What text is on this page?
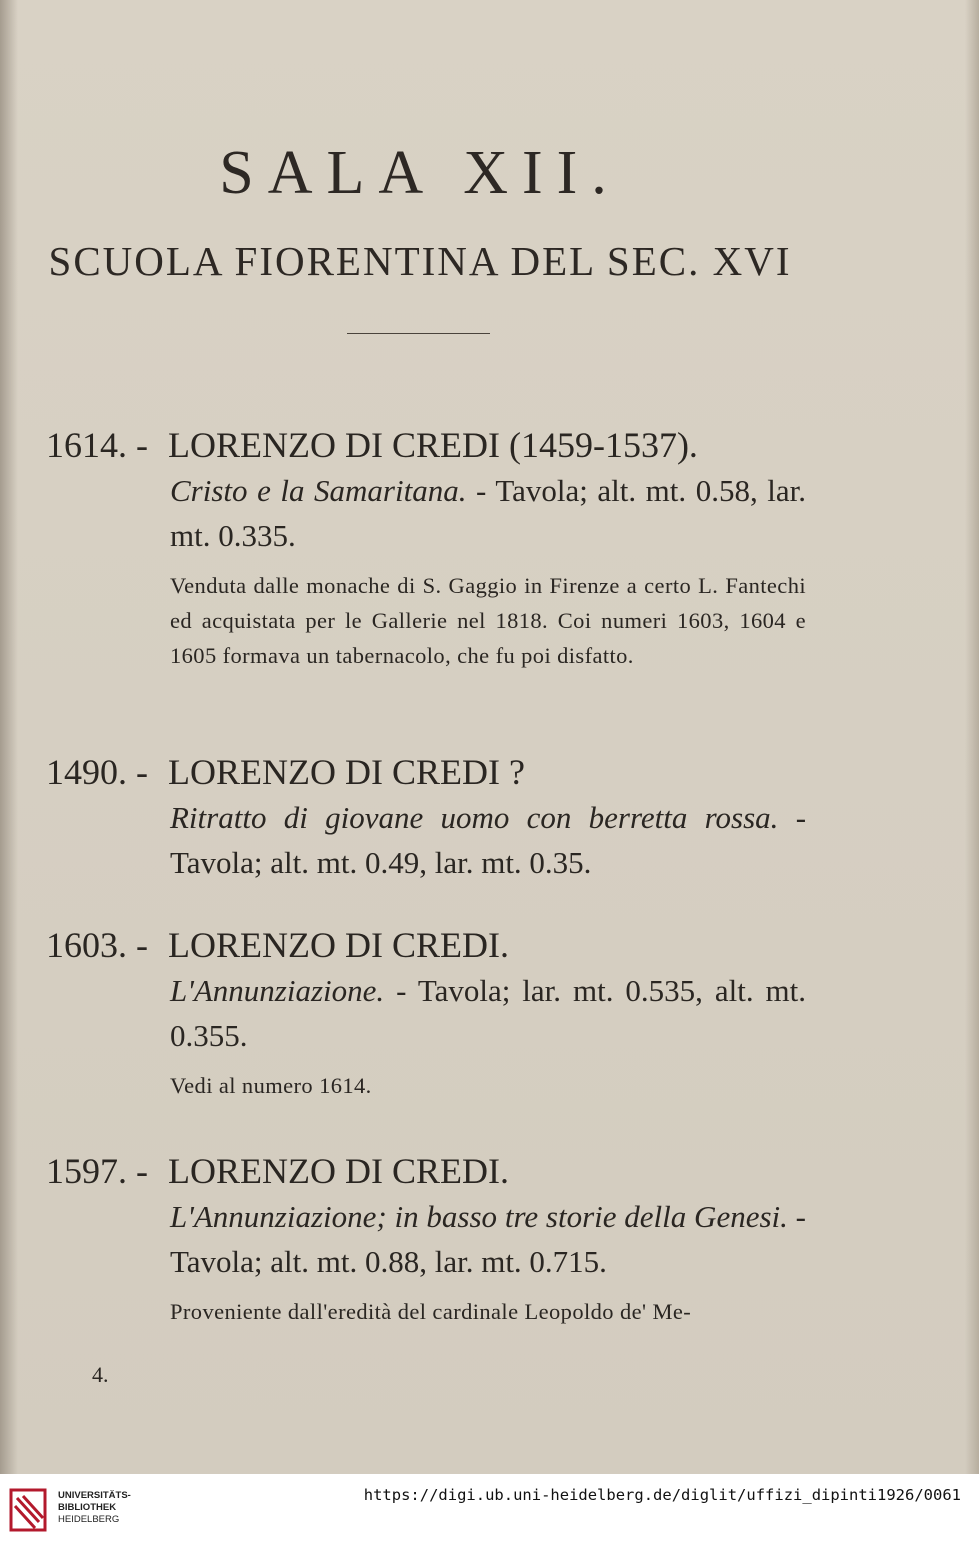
SALA XII.
SCUOLA FIORENTINA DEL SEC. XVI
1614. - LORENZO DI CREDI (1459-1537).
Cristo e la Samaritana. - Tavola; alt. mt. 0.58, lar. mt. 0.335.
Venduta dalle monache di S. Gaggio in Firenze a certo L. Fantechi ed acquistata per le Gallerie nel 1818. Coi numeri 1603, 1604 e 1605 formava un tabernacolo, che fu poi disfatto.
1490. - LORENZO DI CREDI ?
Ritratto di giovane uomo con berretta rossa. - Tavola; alt. mt. 0.49, lar. mt. 0.35.
1603. - LORENZO DI CREDI.
L'Annunziazione. - Tavola; lar. mt. 0.535, alt. mt. 0.355.
Vedi al numero 1614.
1597. - LORENZO DI CREDI.
L'Annunziazione; in basso tre storie della Genesi. - Tavola; alt. mt. 0.88, lar. mt. 0.715.
Proveniente dall'eredità del cardinale Leopoldo de' Me-
4.
UNIVERSITÄTS-
BIBLIOTHEK
HEIDELBERG
https://digi.ub.uni-heidelberg.de/diglit/uffizi_dipinti1926/0061
